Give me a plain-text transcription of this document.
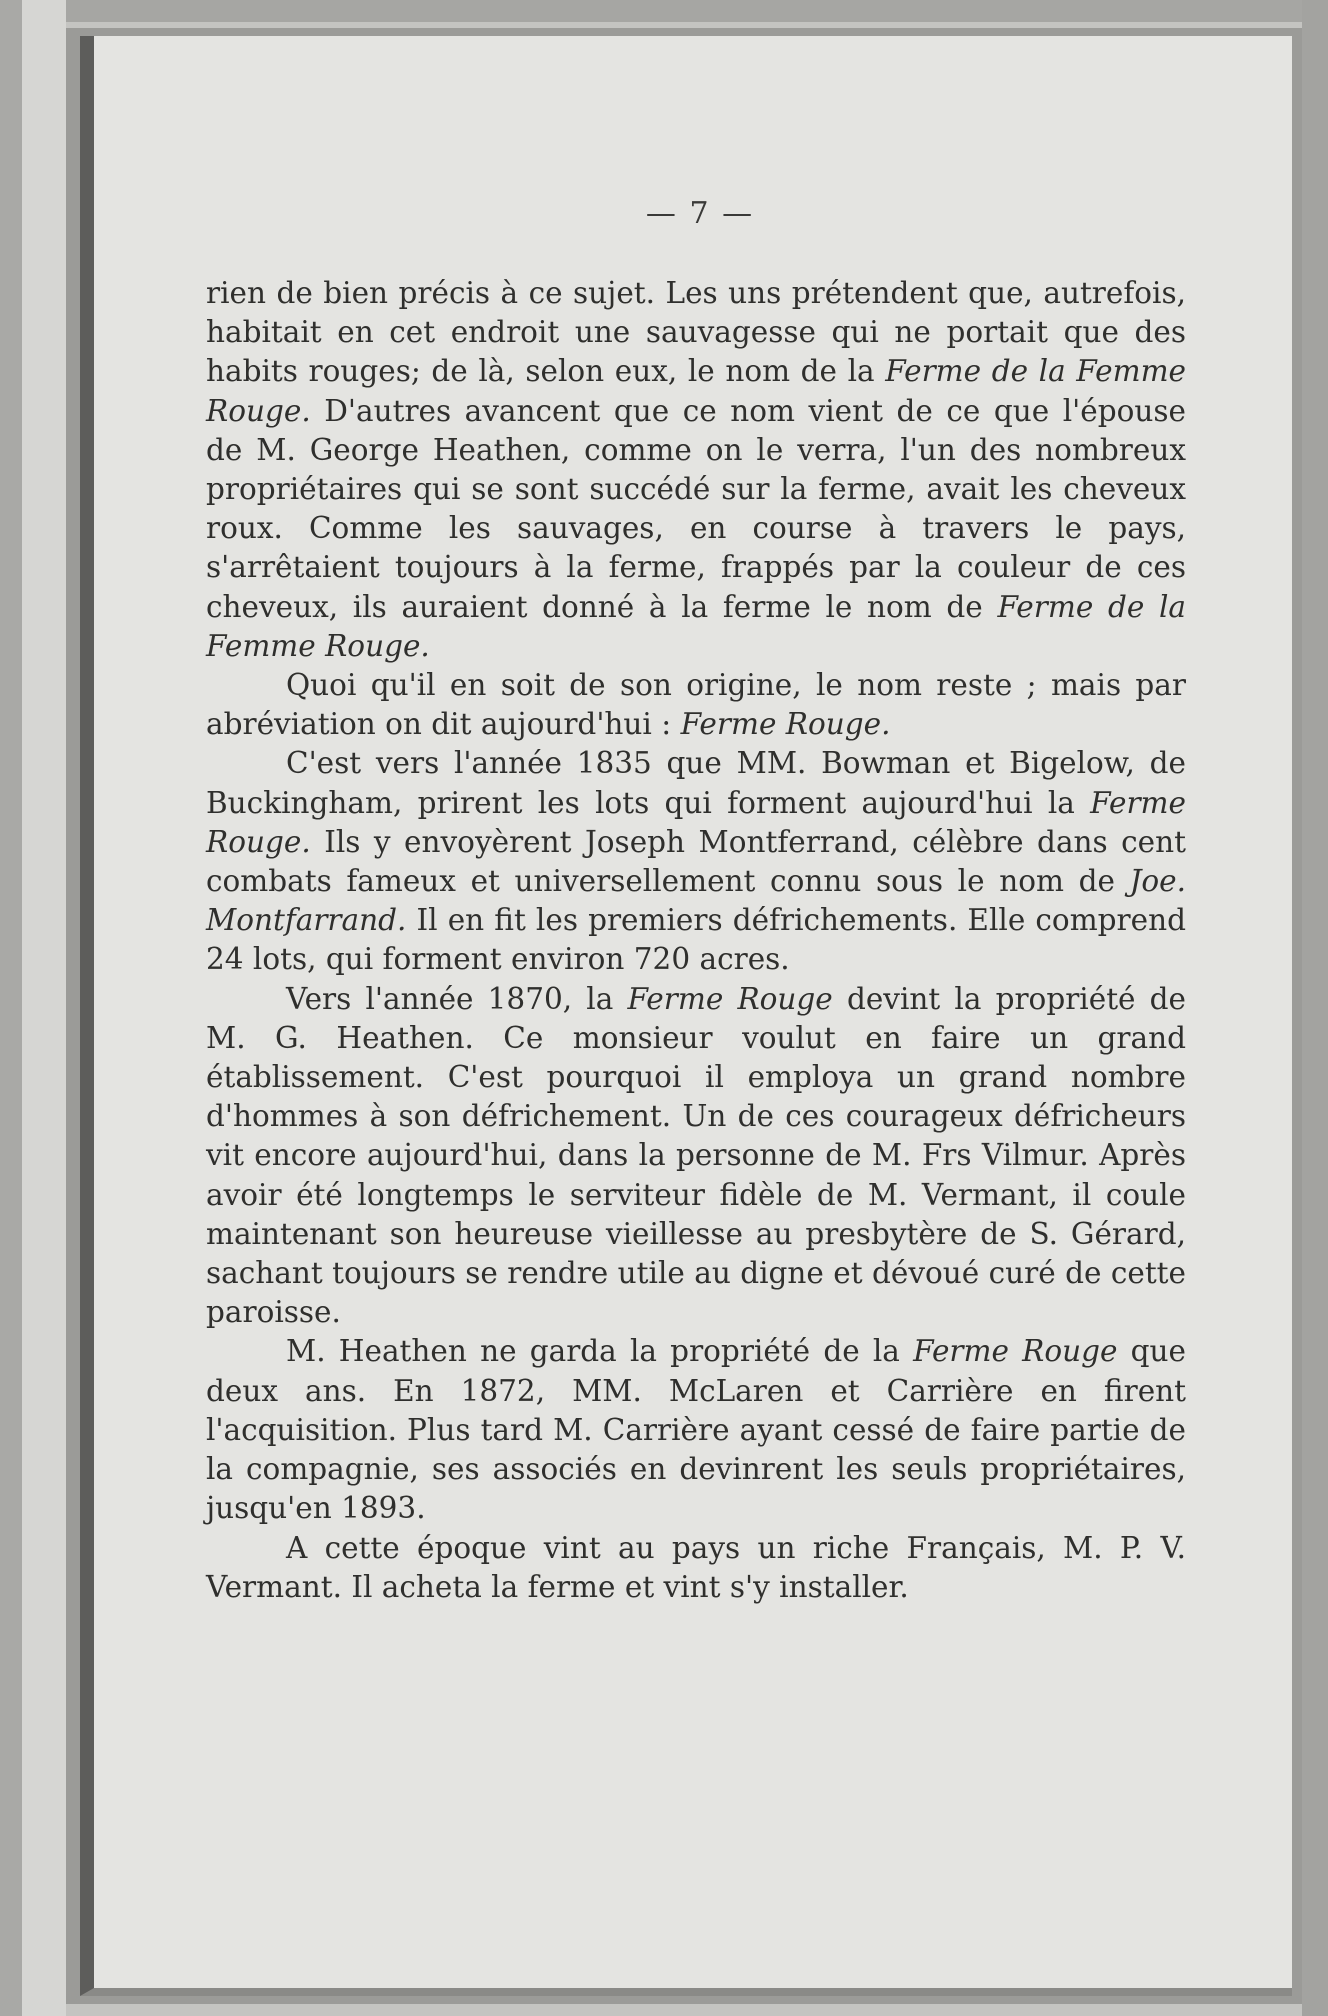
— 7 —

rien de bien précis à ce sujet. Les uns prétendent que, autrefois, habitait en cet endroit une sauvagesse qui ne portait que des habits rouges; de là, selon eux, le nom de la Ferme de la Femme Rouge. D'autres avancent que ce nom vient de ce que l'épouse de M. George Heathen, comme on le verra, l'un des nombreux propriétaires qui se sont succédé sur la ferme, avait les cheveux roux. Comme les sauvages, en course à travers le pays, s'arrêtaient toujours à la ferme, frappés par la couleur de ces cheveux, ils auraient donné à la ferme le nom de Ferme de la Femme Rouge.

Quoi qu'il en soit de son origine, le nom reste ; mais par abréviation on dit aujourd'hui : Ferme Rouge.

C'est vers l'année 1835 que MM. Bowman et Bigelow, de Buckingham, prirent les lots qui forment aujourd'hui la Ferme Rouge. Ils y envoyèrent Joseph Montferrand, célèbre dans cent combats fameux et universellement connu sous le nom de Joe. Montfarrand. Il en fit les premiers défrichements. Elle comprend 24 lots, qui forment environ 720 acres.

Vers l'année 1870, la Ferme Rouge devint la propriété de M. G. Heathen. Ce monsieur voulut en faire un grand établissement. C'est pourquoi il employa un grand nombre d'hommes à son défrichement. Un de ces courageux défricheurs vit encore aujourd'hui, dans la personne de M. Frs Vilmur. Après avoir été longtemps le serviteur fidèle de M. Vermant, il coule maintenant son heureuse vieillesse au presbytère de S. Gérard, sachant toujours se rendre utile au digne et dévoué curé de cette paroisse.

M. Heathen ne garda la propriété de la Ferme Rouge que deux ans. En 1872, MM. McLaren et Carrière en firent l'acquisition. Plus tard M. Carrière ayant cessé de faire partie de la compagnie, ses associés en devinrent les seuls propriétaires, jusqu'en 1893.

A cette époque vint au pays un riche Français, M. P. V. Vermant. Il acheta la ferme et vint s'y installer.
